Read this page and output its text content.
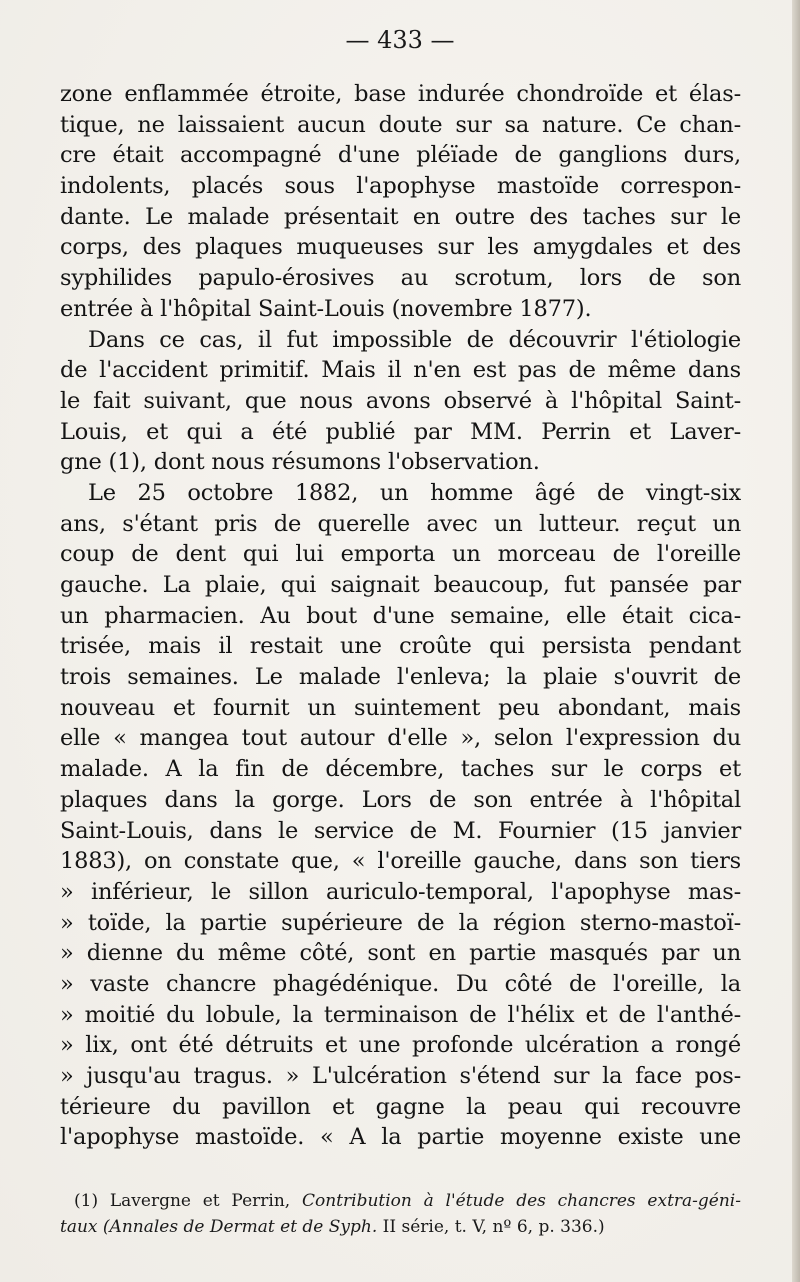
— 433 —
zone enflammée étroite, base indurée chondroïde et élas-
tique, ne laissaient aucun doute sur sa nature. Ce chan-
cre était accompagné d'une pléïade de ganglions durs,
indolents, placés sous l'apophyse mastoïde correspon-
dante. Le malade présentait en outre des taches sur le
corps, des plaques muqueuses sur les amygdales et des
syphilides papulo-érosives au scrotum, lors de son
entrée à l'hôpital Saint-Louis (novembre 1877).
Dans ce cas, il fut impossible de découvrir l'étiologie
de l'accident primitif. Mais il n'en est pas de même dans
le fait suivant, que nous avons observé à l'hôpital Saint-
Louis, et qui a été publié par MM. Perrin et Laver-
gne (1), dont nous résumons l'observation.
Le 25 octobre 1882, un homme âgé de vingt-six
ans, s'étant pris de querelle avec un lutteur. reçut un
coup de dent qui lui emporta un morceau de l'oreille
gauche. La plaie, qui saignait beaucoup, fut pansée par
un pharmacien. Au bout d'une semaine, elle était cica-
trisée, mais il restait une croûte qui persista pendant
trois semaines. Le malade l'enleva; la plaie s'ouvrit de
nouveau et fournit un suintement peu abondant, mais
elle « mangea tout autour d'elle », selon l'expression du
malade. A la fin de décembre, taches sur le corps et
plaques dans la gorge. Lors de son entrée à l'hôpital
Saint-Louis, dans le service de M. Fournier (15 janvier
1883), on constate que, « l'oreille gauche, dans son tiers
» inférieur, le sillon auriculo-temporal, l'apophyse mas-
» toïde, la partie supérieure de la région sterno-mastoï-
» dienne du même côté, sont en partie masqués par un
» vaste chancre phagédénique. Du côté de l'oreille, la
» moitié du lobule, la terminaison de l'hélix et de l'anthé-
» lix, ont été détruits et une profonde ulcération a rongé
» jusqu'au tragus. » L'ulcération s'étend sur la face pos-
térieure du pavillon et gagne la peau qui recouvre
l'apophyse mastoïde. « A la partie moyenne existe une
(1) Lavergne et Perrin, Contribution à l'étude des chancres extra-géni-
taux (Annales de Dermat et de Syph. II série, t. V, nº 6, p. 336.)
